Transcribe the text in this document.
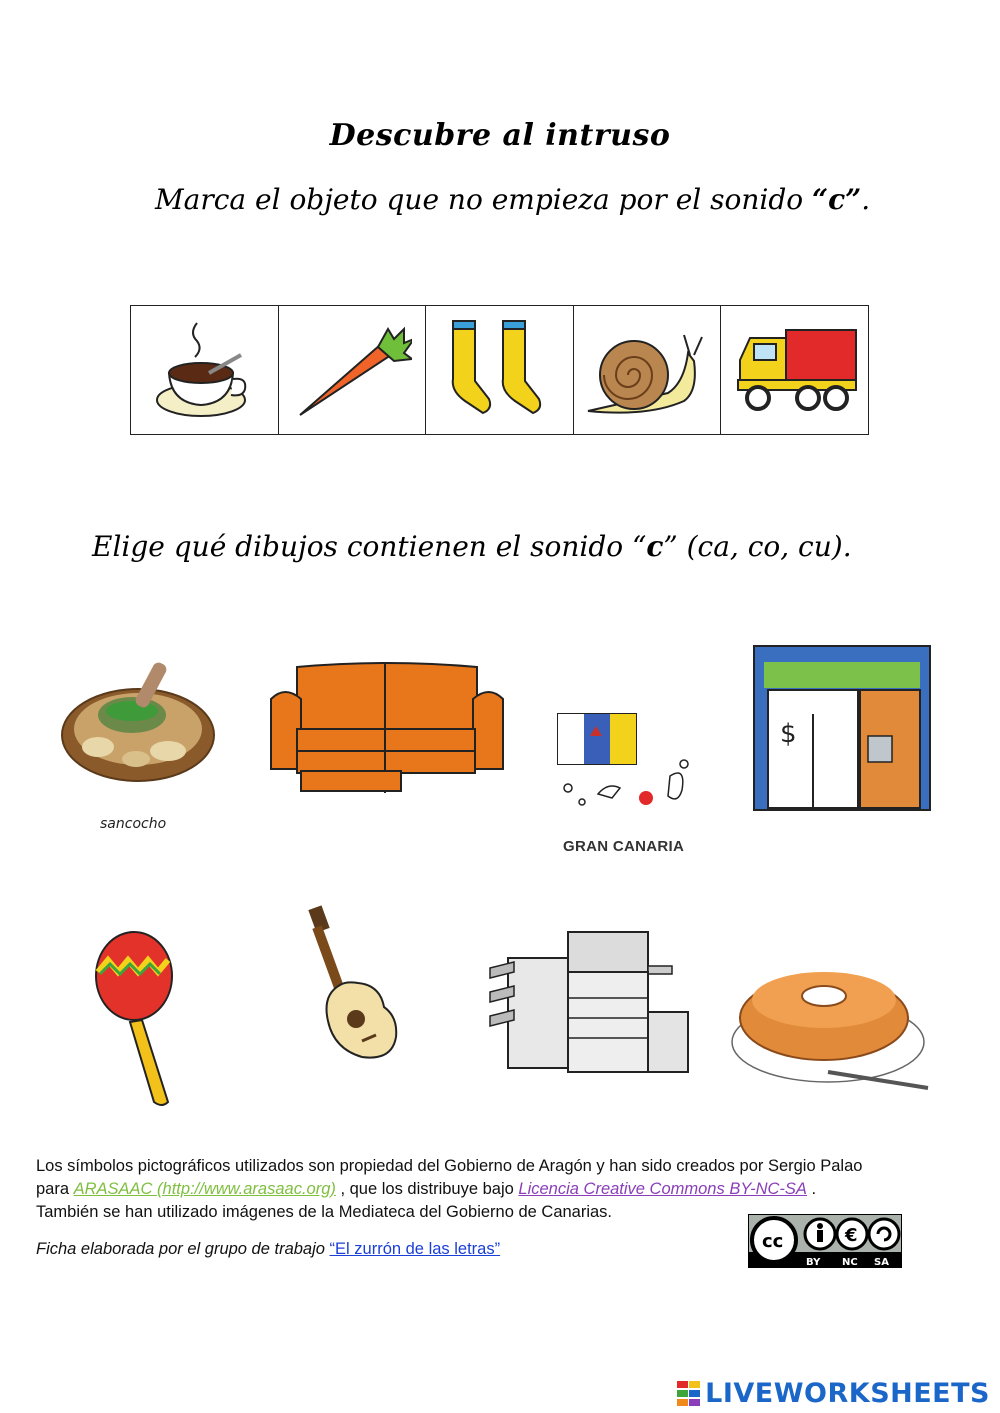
Descubre al intruso
Marca el objeto que no empieza por el sonido “c”.
Elige qué dibujos contienen el sonido “c” (ca, co, cu).
sancocho
GRAN CANARIA
$
Los símbolos pictográficos utilizados son propiedad del Gobierno de Aragón y han sido creados por Sergio Palao
para ARASAAC (http://www.arasaac.org) , que los distribuye bajo Licencia Creative Commons BY-NC-SA .
También se han utilizado imágenes de la Mediateca del Gobierno de Canarias.
Ficha elaborada por el grupo de trabajo “El zurrón de las letras”	cc	€
BY NC SA
LIVEWORKSHEETS
